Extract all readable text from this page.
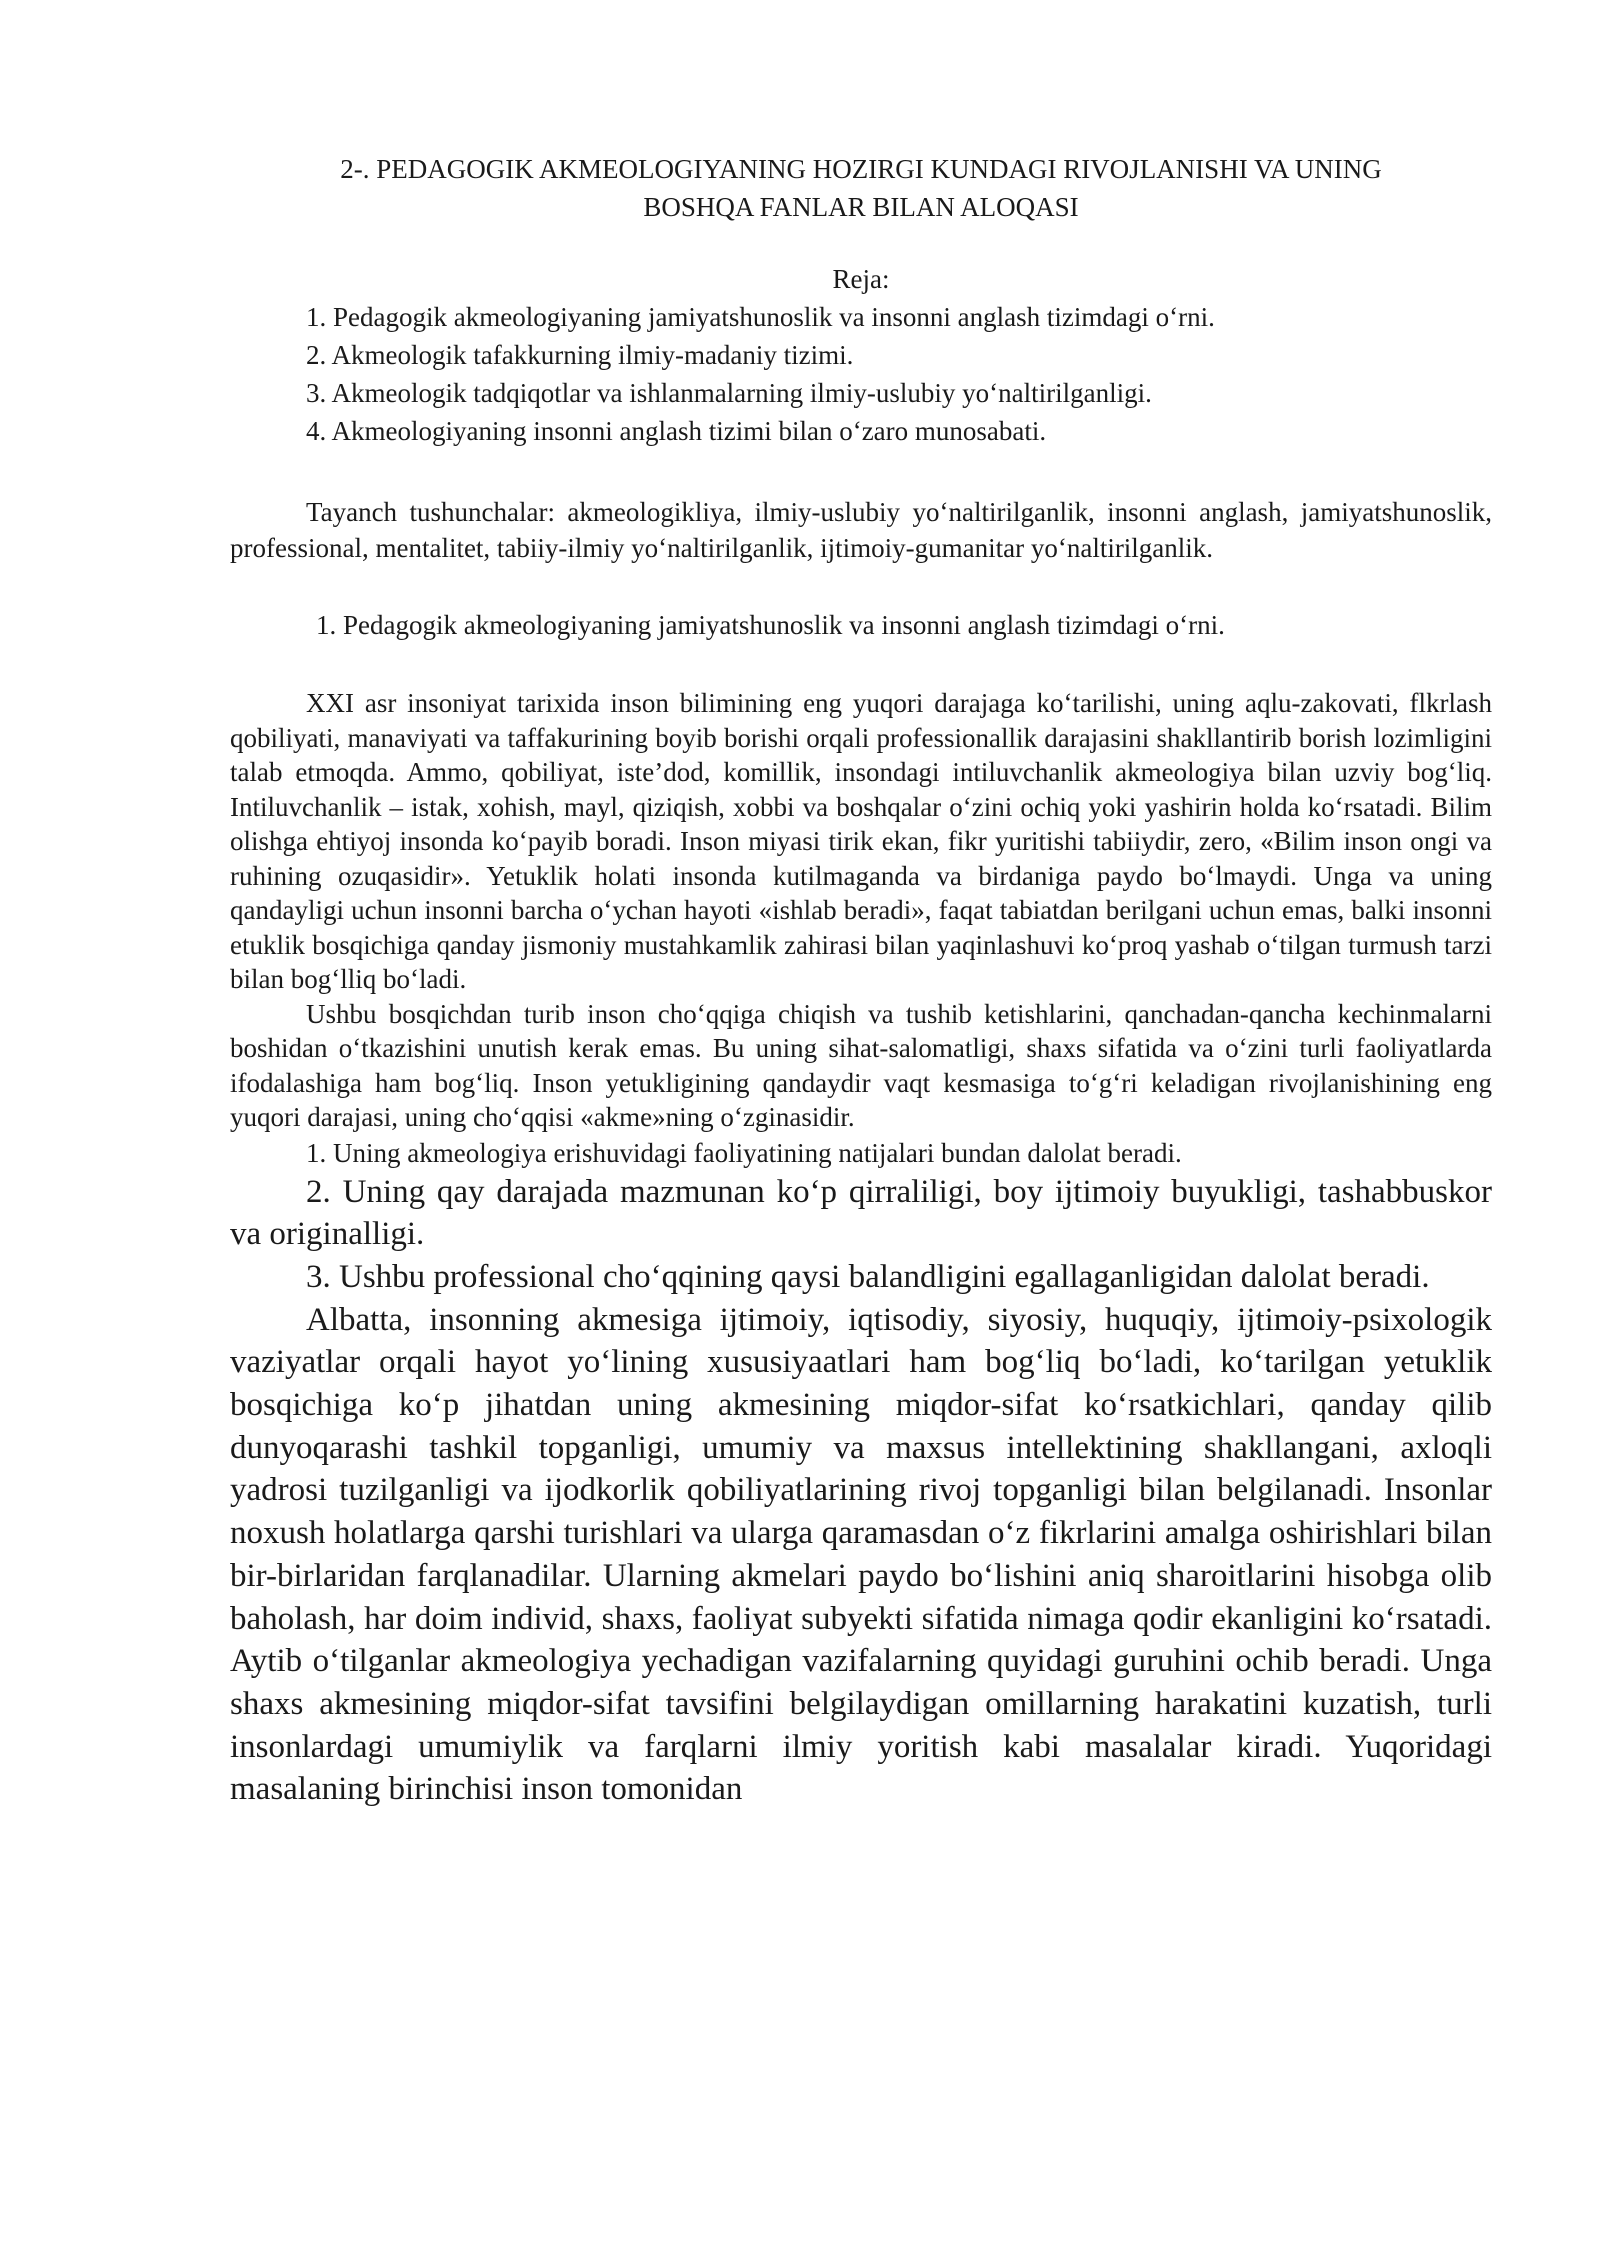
2-. PEDAGOGIK AKMEOLOGIYANING HOZIRGI KUNDAGI RIVOJLANISHI VA UNING
BOSHQA FANLAR BILAN ALOQASI
Reja:
1. Pedagogik akmeologiyaning jamiyatshunoslik va insonni anglash tizimdagi o‘rni.
2. Akmeologik tafakkurning ilmiy-madaniy tizimi.
3. Akmeologik tadqiqotlar va ishlanmalarning ilmiy-uslubiy yo‘naltirilganligi.
4. Akmeologiyaning insonni anglash tizimi bilan o‘zaro munosabati.

Tayanch tushunchalar: akmeologikliya, ilmiy-uslubiy yo‘naltirilganlik, insonni anglash, jamiyatshunoslik, professional, mentalitet, tabiiy-ilmiy yo‘naltirilganlik, ijtimoiy-gumanitar yo‘naltirilganlik.

1. Pedagogik akmeologiyaning jamiyatshunoslik va insonni anglash tizimdagi o‘rni.

XXI asr insoniyat tarixida inson bilimining eng yuqori darajaga ko‘tarilishi, uning aqlu-zakovati, flkrlash qobiliyati, manaviyati va taffakurining boyib borishi orqali professionallik darajasini shakllantirib borish lozimligini talab etmoqda. Ammo, qobiliyat, iste’dod, komillik, insondagi intiluvchanlik akmeologiya bilan uzviy bog‘liq. Intiluvchanlik – istak, xohish, mayl, qiziqish, xobbi va boshqalar o‘zini ochiq yoki yashirin holda ko‘rsatadi. Bilim olishga ehtiyoj insonda ko‘payib boradi. Inson miyasi tirik ekan, fikr yuritishi tabiiydir, zero, «Bilim inson ongi va ruhining ozuqasidir». Yetuklik holati insonda kutilmaganda va birdaniga paydo bo‘lmaydi. Unga va uning qandayligi uchun insonni barcha o‘ychan hayoti «ishlab beradi», faqat tabiatdan berilgani uchun emas, balki insonni etuklik bosqichiga qanday jismoniy mustahkamlik zahirasi bilan yaqinlashuvi ko‘proq yashab o‘tilgan turmush tarzi bilan bog‘lliq bo‘ladi.

Ushbu bosqichdan turib inson cho‘qqiga chiqish va tushib ketishlarini, qanchadan-qancha kechinmalarni boshidan o‘tkazishini unutish kerak emas. Bu uning sihat-salomatligi, shaxs sifatida va o‘zini turli faoliyatlarda ifodalashiga ham bog‘liq. Inson yetukligining qandaydir vaqt kesmasiga to‘g‘ri keladigan rivojlanishining eng yuqori darajasi, uning cho‘qqisi «akme»ning o‘zginasidir.

1. Uning akmeologiya erishuvidagi faoliyatining natijalari bundan dalolat beradi.

2. Uning qay darajada mazmunan ko‘p qirraliligi, boy ijtimoiy buyukligi, tashabbuskor va originalligi.

3. Ushbu professional cho‘qqining qaysi balandligini egallaganligidan dalolat beradi.

Albatta, insonning akmesiga ijtimoiy, iqtisodiy, siyosiy, huquqiy, ijtimoiy-psixologik vaziyatlar orqali hayot yo‘lining xususiyaatlari ham bog‘liq bo‘ladi, ko‘tarilgan yetuklik bosqichiga ko‘p jihatdan uning akmesining miqdor-sifat ko‘rsatkichlari, qanday qilib dunyoqarashi tashkil topganligi, umumiy va maxsus intellektining shakllangani, axloqli yadrosi tuzilganligi va ijodkorlik qobiliyatlarining rivoj topganligi bilan belgilanadi. Insonlar noxush holatlarga qarshi turishlari va ularga qaramasdan o‘z fikrlarini amalga oshirishlari bilan bir-birlaridan farqlanadilar. Ularning akmelari paydo bo‘lishini aniq sharoitlarini hisobga olib baholash, har doim individ, shaxs, faoliyat subyekti sifatida nimaga qodir ekanligini ko‘rsatadi. Aytib o‘tilganlar akmeologiya yechadigan vazifalarning quyidagi guruhini ochib beradi. Unga shaxs akmesining miqdor-sifat tavsifini belgilaydigan omillarning harakatini kuzatish, turli insonlardagi umumiylik va farqlarni ilmiy yoritish kabi masalalar kiradi. Yuqoridagi masalaning birinchisi inson tomonidan
